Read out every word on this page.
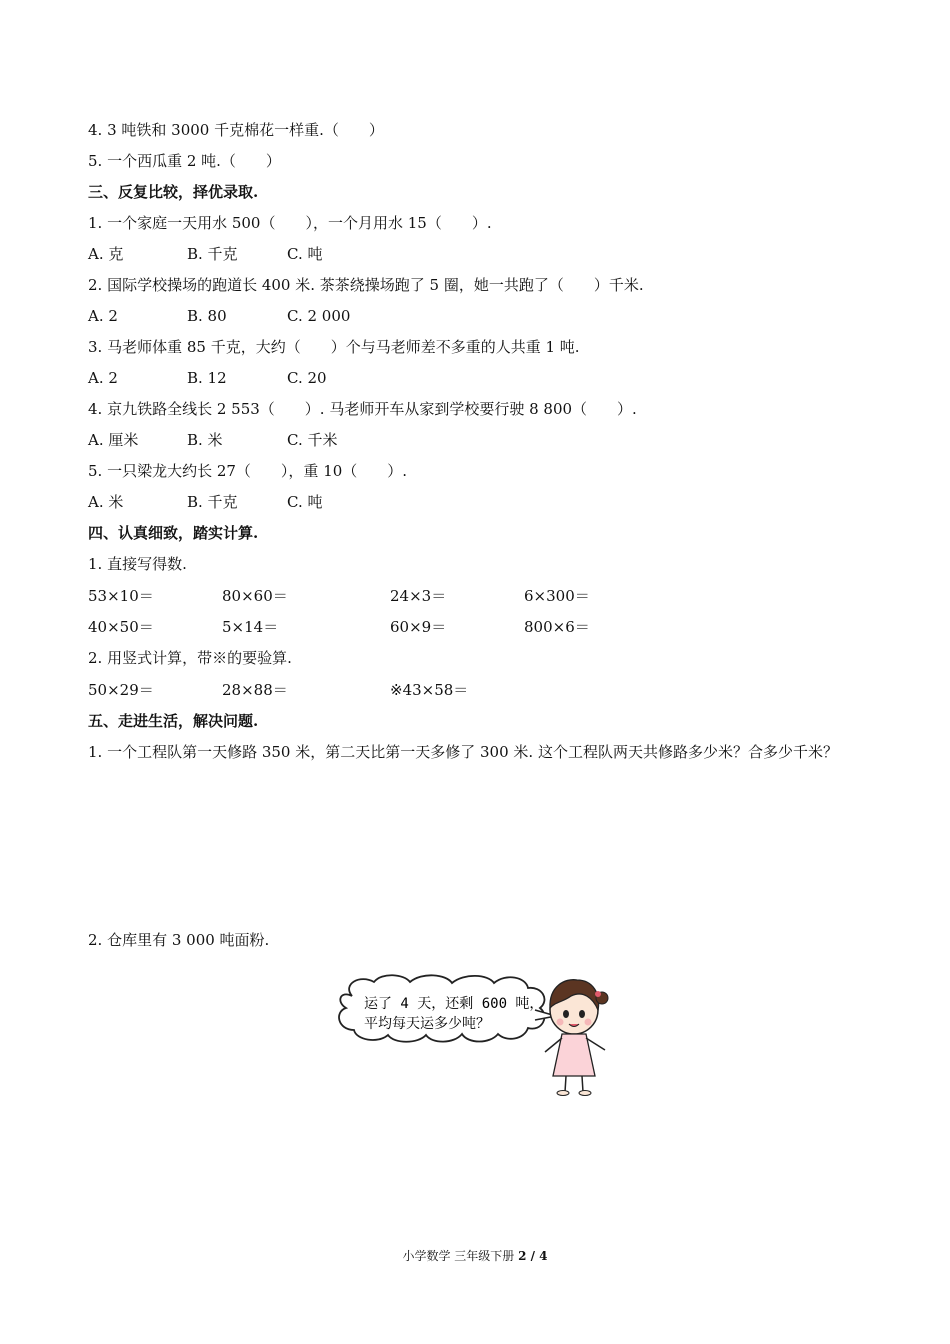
4. 3 吨铁和 3000 千克棉花一样重.（　　）
5. 一个西瓜重 2 吨.（　　）
三、反复比较，择优录取.
1. 一个家庭一天用水 500（　　），一个月用水 15（　　）.
A. 克	B. 千克	C. 吨
2. 国际学校操场的跑道长 400 米. 茶茶绕操场跑了 5 圈，她一共跑了（　　）千米.
A. 2	B. 80	C. 2 000
3. 马老师体重 85 千克，大约（　　）个与马老师差不多重的人共重 1 吨.
A. 2	B. 12	C. 20
4. 京九铁路全线长 2 553（　　）. 马老师开车从家到学校要行驶 8 800（　　）.
A. 厘米	B. 米	C. 千米
5. 一只梁龙大约长 27（　　），重 10（　　）.
A. 米	B. 千克	C. 吨
四、认真细致，踏实计算.
1. 直接写得数.
53×10＝	80×60＝	24×3＝	6×300＝
40×50＝	5×14＝	60×9＝	800×6＝
2. 用竖式计算，带※的要验算.
50×29＝	28×88＝	※43×58＝
五、走进生活，解决问题.
1. 一个工程队第一天修路 350 米，第二天比第一天多修了 300 米. 这个工程队两天共修路多少米？合多少千米？
2. 仓库里有 3 000 吨面粉.
运了 4 天，还剩 600 吨，
平均每天运多少吨？
小学数学 三年级下册 2 / 4
